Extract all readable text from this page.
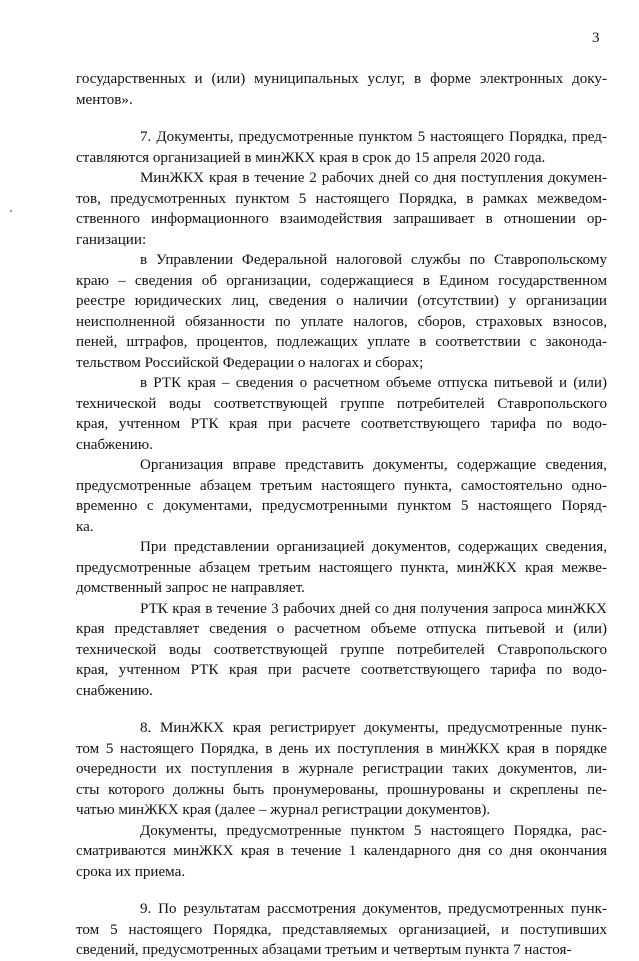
3
государственных и (или) муниципальных услуг, в форме электронных доку-
ментов».
7. Документы, предусмотренные пунктом 5 настоящего Порядка, пред-
ставляются организацией в минЖКХ края в срок до 15 апреля 2020 года.
МинЖКХ края в течение 2 рабочих дней со дня поступления докумен-
тов, предусмотренных пунктом 5 настоящего Порядка, в рамках межведом-
ственного информационного взаимодействия запрашивает в отношении ор-
ганизации:
в Управлении Федеральной налоговой службы по Ставропольскому
краю – сведения об организации, содержащиеся в Едином государственном
реестре юридических лиц, сведения о наличии (отсутствии) у организации
неисполненной обязанности по уплате налогов, сборов, страховых взносов,
пеней, штрафов, процентов, подлежащих уплате в соответствии с законода-
тельством Российской Федерации о налогах и сборах;
в РТК края – сведения о расчетном объеме отпуска питьевой и (или)
технической воды соответствующей группе потребителей Ставропольского
края, учтенном РТК края при расчете соответствующего тарифа по водо-
снабжению.
Организация вправе представить документы, содержащие сведения,
предусмотренные абзацем третьим настоящего пункта, самостоятельно одно-
временно с документами, предусмотренными пунктом 5 настоящего Поряд-
ка.
При представлении организацией документов, содержащих сведения,
предусмотренные абзацем третьим настоящего пункта, минЖКХ края межве-
домственный запрос не направляет.
РТК края в течение 3 рабочих дней со дня получения запроса минЖКХ
края представляет сведения о расчетном объеме отпуска питьевой и (или)
технической воды соответствующей группе потребителей Ставропольского
края, учтенном РТК края при расчете соответствующего тарифа по водо-
снабжению.
8. МинЖКХ края регистрирует документы, предусмотренные пунк-
том 5 настоящего Порядка, в день их поступления в минЖКХ края в порядке
очередности их поступления в журнале регистрации таких документов, ли-
сты которого должны быть пронумерованы, прошнурованы и скреплены пе-
чатью минЖКХ края (далее – журнал регистрации документов).
Документы, предусмотренные пунктом 5 настоящего Порядка, рас-
сматриваются минЖКХ края в течение 1 календарного дня со дня окончания
срока их приема.
9. По результатам рассмотрения документов, предусмотренных пунк-
том 5 настоящего Порядка, представляемых организацией, и поступивших
сведений, предусмотренных абзацами третьим и четвертым пункта 7 настоя-
